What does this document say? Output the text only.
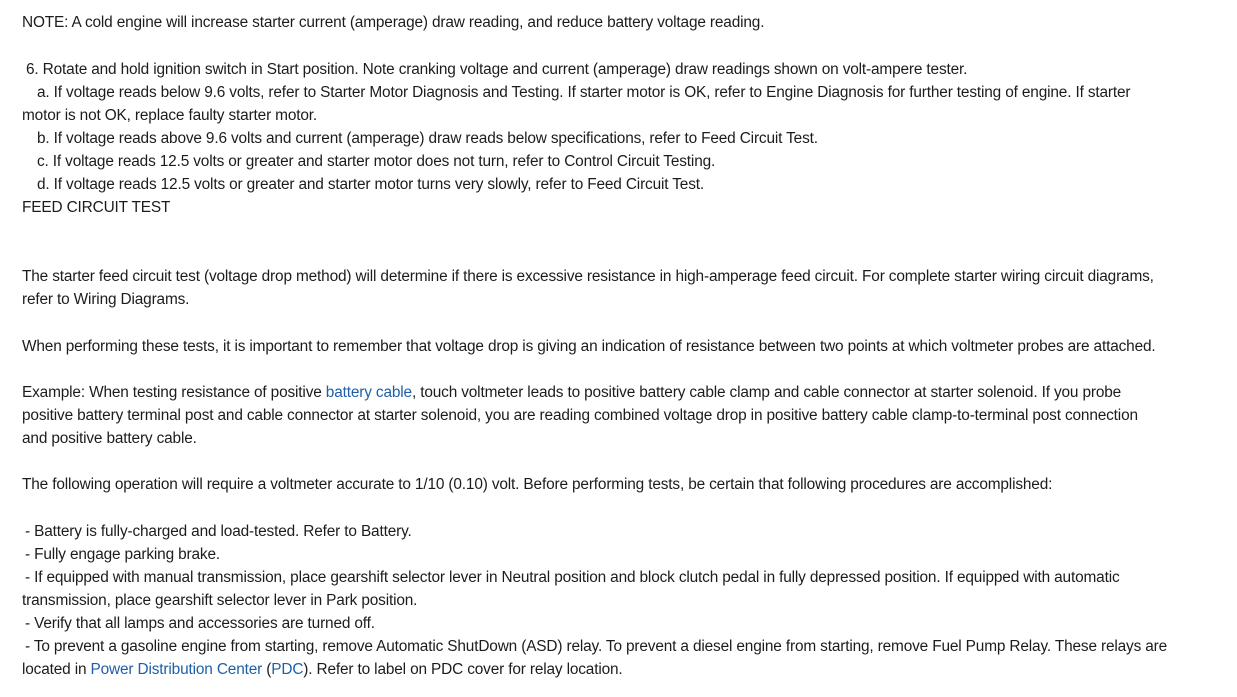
NOTE: A cold engine will increase starter current (amperage) draw reading, and reduce battery voltage reading.
6. Rotate and hold ignition switch in Start position. Note cranking voltage and current (amperage) draw readings shown on volt-ampere tester.
a. If voltage reads below 9.6 volts, refer to Starter Motor Diagnosis and Testing. If starter motor is OK, refer to Engine Diagnosis for further testing of engine. If starter
motor is not OK, replace faulty starter motor.
b. If voltage reads above 9.6 volts and current (amperage) draw reads below specifications, refer to Feed Circuit Test.
c. If voltage reads 12.5 volts or greater and starter motor does not turn, refer to Control Circuit Testing.
d. If voltage reads 12.5 volts or greater and starter motor turns very slowly, refer to Feed Circuit Test.
FEED CIRCUIT TEST
The starter feed circuit test (voltage drop method) will determine if there is excessive resistance in high-amperage feed circuit. For complete starter wiring circuit diagrams,
refer to Wiring Diagrams.
When performing these tests, it is important to remember that voltage drop is giving an indication of resistance between two points at which voltmeter probes are attached.
Example: When testing resistance of positive battery cable, touch voltmeter leads to positive battery cable clamp and cable connector at starter solenoid. If you probe
positive battery terminal post and cable connector at starter solenoid, you are reading combined voltage drop in positive battery cable clamp-to-terminal post connection
and positive battery cable.
The following operation will require a voltmeter accurate to 1/10 (0.10) volt. Before performing tests, be certain that following procedures are accomplished:
- Battery is fully-charged and load-tested. Refer to Battery.
- Fully engage parking brake.
- If equipped with manual transmission, place gearshift selector lever in Neutral position and block clutch pedal in fully depressed position. If equipped with automatic
transmission, place gearshift selector lever in Park position.
- Verify that all lamps and accessories are turned off.
- To prevent a gasoline engine from starting, remove Automatic ShutDown (ASD) relay. To prevent a diesel engine from starting, remove Fuel Pump Relay. These relays are
located in Power Distribution Center (PDC). Refer to label on PDC cover for relay location.
